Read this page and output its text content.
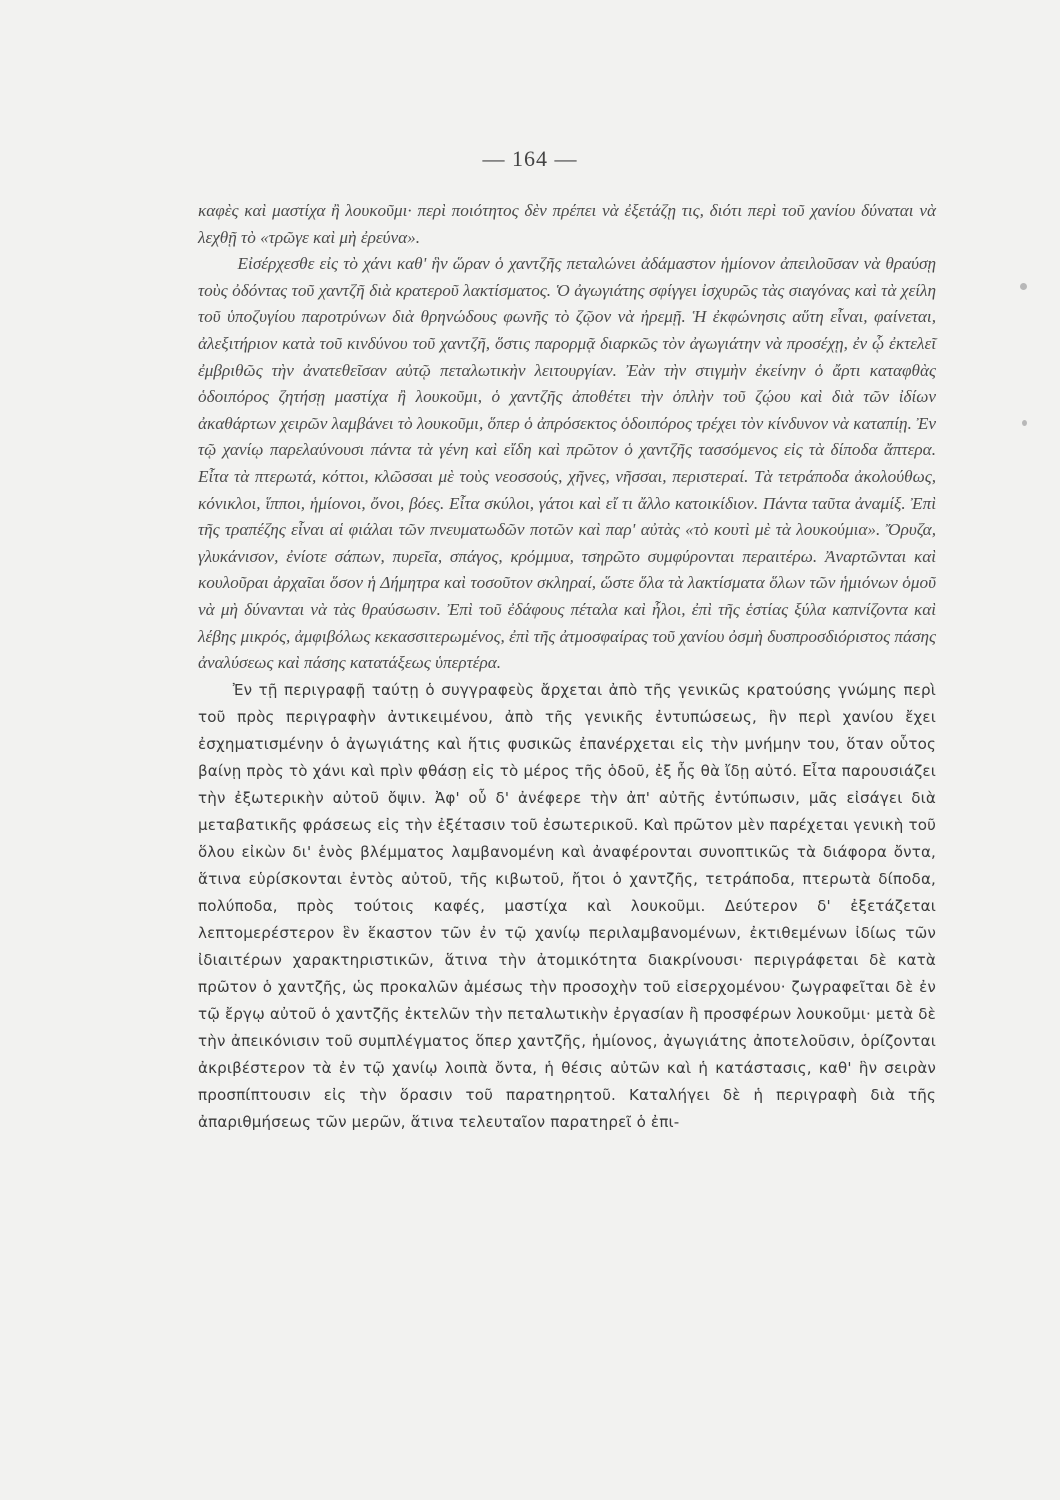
— 164 —

καφὲς καὶ μαστίχα ἢ λουκοῦμι· περὶ ποιότητος δὲν πρέπει νὰ ἐξετάζῃ τις, διότι περὶ τοῦ χανίου δύναται νὰ λεχθῇ τὸ «τρῶγε καὶ μὴ ἐρεύνα».

Εἰσέρχεσθε εἰς τὸ χάνι καθ' ἣν ὥραν ὁ χαντζῆς πεταλώνει ἀδάμαστον ἡμίονον ἀπειλοῦσαν νὰ θραύσῃ τοὺς ὀδόντας τοῦ χαντζῆ διὰ κρατεροῦ λακτίσματος. Ὁ ἀγωγιάτης σφίγγει ἰσχυρῶς τὰς σιαγόνας καὶ τὰ χείλη τοῦ ὑποζυγίου παροτρύνων διὰ θρηνώδους φωνῆς τὸ ζῷον νὰ ἠρεμῇ. Ἡ ἐκφώνησις αὕτη εἶναι, φαίνεται, ἀλεξιτήριον κατὰ τοῦ κινδύνου τοῦ χαντζῆ, ὅστις παρορμᾷ διαρκῶς τὸν ἀγωγιάτην νὰ προσέχῃ, ἐν ᾧ ἐκτελεῖ ἐμβριθῶς τὴν ἀνατεθεῖσαν αὐτῷ πεταλωτικὴν λειτουργίαν. Ἐὰν τὴν στιγμὴν ἐκείνην ὁ ἄρτι καταφθὰς ὁδοιπόρος ζητήσῃ μαστίχα ἢ λουκοῦμι, ὁ χαντζῆς ἀποθέτει τὴν ὁπλὴν τοῦ ζῴου καὶ διὰ τῶν ἰδίων ἀκαθάρτων χειρῶν λαμβάνει τὸ λουκοῦμι, ὅπερ ὁ ἀπρόσεκτος ὁδοιπόρος τρέχει τὸν κίνδυνον νὰ καταπίῃ. Ἐν τῷ χανίῳ παρελαύνουσι πάντα τὰ γένη καὶ εἴδη καὶ πρῶτον ὁ χαντζῆς τασσόμενος εἰς τὰ δίποδα ἄπτερα. Εἶτα τὰ πτερωτά, κόττοι, κλῶσσαι μὲ τοὺς νεοσσούς, χῆνες, νῆσσαι, περιστεραί. Τὰ τετράποδα ἀκολούθως, κόνικλοι, ἵπποι, ἡμίονοι, ὄνοι, βόες. Εἶτα σκύλοι, γάτοι καὶ εἴ τι ἄλλο κατοικίδιον. Πάντα ταῦτα ἀναμίξ. Ἐπὶ τῆς τραπέζης εἶναι αἱ φιάλαι τῶν πνευματωδῶν ποτῶν καὶ παρ' αὐτὰς «τὸ κουτὶ μὲ τὰ λουκούμια». Ὄρυζα, γλυκάνισον, ἐνίοτε σάπων, πυρεῖα, σπάγος, κρόμμυα, τσηρῶτο συμφύρονται περαιτέρω. Ἀναρτῶνται καὶ κουλοῦραι ἀρχαῖαι ὅσον ἡ Δήμητρα καὶ τοσοῦτον σκληραί, ὥστε ὅλα τὰ λακτίσματα ὅλων τῶν ἡμιόνων ὁμοῦ νὰ μὴ δύνανται νὰ τὰς θραύσωσιν. Ἐπὶ τοῦ ἐδάφους πέταλα καὶ ἧλοι, ἐπὶ τῆς ἑστίας ξύλα καπνίζοντα καὶ λέβης μικρός, ἀμφιβόλως κεκασσιτερωμένος, ἐπὶ τῆς ἀτμοσφαίρας τοῦ χανίου ὀσμὴ δυσπροσδιόριστος πάσης ἀναλύσεως καὶ πάσης κατατάξεως ὑπερτέρα.

Ἐν τῇ περιγραφῇ ταύτῃ ὁ συγγραφεὺς ἄρχεται ἀπὸ τῆς γενικῶς κρατούσης γνώμης περὶ τοῦ πρὸς περιγραφὴν ἀντικειμένου, ἀπὸ τῆς γενικῆς ἐντυπώσεως, ἣν περὶ χανίου ἔχει ἐσχηματισμένην ὁ ἀγωγιάτης καὶ ἥτις φυσικῶς ἐπανέρχεται εἰς τὴν μνήμην του, ὅταν οὗτος βαίνῃ πρὸς τὸ χάνι καὶ πρὶν φθάσῃ εἰς τὸ μέρος τῆς ὁδοῦ, ἐξ ἧς θὰ ἴδῃ αὐτό. Εἶτα παρουσιάζει τὴν ἐξωτερικὴν αὐτοῦ ὄψιν. Ἀφ' οὗ δ' ἀνέφερε τὴν ἀπ' αὐτῆς ἐντύπωσιν, μᾶς εἰσάγει διὰ μεταβατικῆς φράσεως εἰς τὴν ἐξέτασιν τοῦ ἐσωτερικοῦ. Καὶ πρῶτον μὲν παρέχεται γενικὴ τοῦ ὅλου εἰκὼν δι' ἑνὸς βλέμματος λαμβανομένη καὶ ἀναφέρονται συνοπτικῶς τὰ διάφορα ὄντα, ἅτινα εὑρίσκονται ἐντὸς αὐτοῦ, τῆς κιβωτοῦ, ἤτοι ὁ χαντζῆς, τετράποδα, πτερωτὰ δίποδα, πολύποδα, πρὸς τούτοις καφές, μαστίχα καὶ λουκοῦμι. Δεύτερον δ' ἐξετάζεται λεπτομερέστερον ἓν ἕκαστον τῶν ἐν τῷ χανίῳ περιλαμβανομένων, ἐκτιθεμένων ἰδίως τῶν ἰδιαιτέρων χαρακτηριστικῶν, ἅτινα τὴν ἀτομικότητα διακρίνουσι· περιγράφεται δὲ κατὰ πρῶτον ὁ χαντζῆς, ὡς προκαλῶν ἀμέσως τὴν προσοχὴν τοῦ εἰσερχομένου· ζωγραφεῖται δὲ ἐν τῷ ἔργῳ αὐτοῦ ὁ χαντζῆς ἐκτελῶν τὴν πεταλωτικὴν ἐργασίαν ἢ προσφέρων λουκοῦμι· μετὰ δὲ τὴν ἀπεικόνισιν τοῦ συμπλέγματος ὅπερ χαντζῆς, ἡμίονος, ἀγωγιάτης ἀποτελοῦσιν, ὁρίζονται ἀκριβέστερον τὰ ἐν τῷ χανίῳ λοιπὰ ὄντα, ἡ θέσις αὐτῶν καὶ ἡ κατάστασις, καθ' ἣν σειρὰν προσπίπτουσιν εἰς τὴν ὅρασιν τοῦ παρατηρητοῦ. Καταλήγει δὲ ἡ περιγραφὴ διὰ τῆς ἀπαριθμήσεως τῶν μερῶν, ἅτινα τελευταῖον παρατηρεῖ ὁ ἐπι-
